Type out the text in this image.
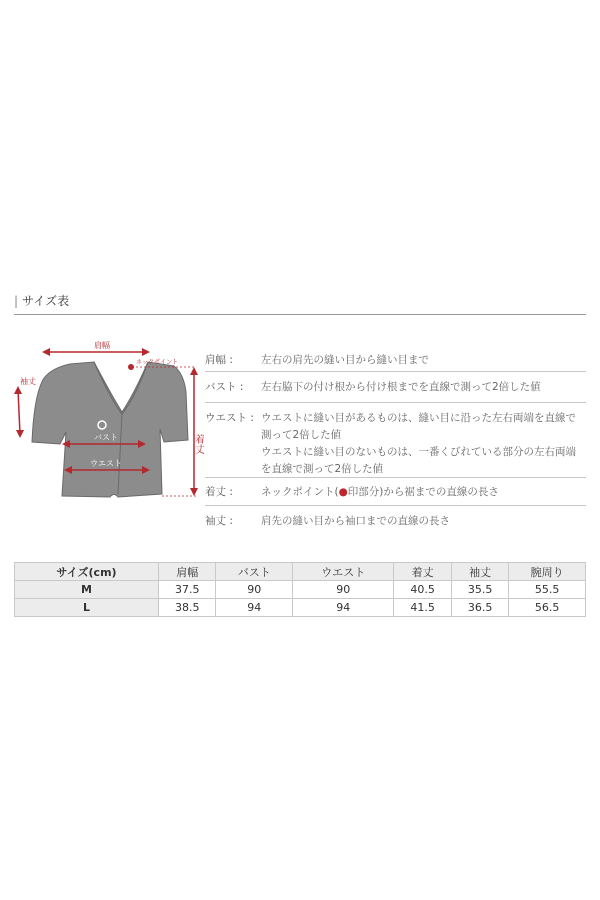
| サイズ表
肩幅
ネックポイント
袖丈
バスト
ウエスト
着丈
肩幅 :	左右の肩先の縫い目から縫い目まで
バスト :	左右脇下の付け根から付け根までを直線で測って2倍した値
ウエスト : ウエストに縫い目があるものは、縫い目に沿った左右両端を直線で
測って2倍した値
ウエストに縫い目のないものは、一番くびれている部分の左右両端
を直線で測って2倍した値
着丈 :	ネックポイント(●印部分)から裾までの直線の長さ
袖丈 :	肩先の縫い目から袖口までの直線の長さ
サイズ(cm)	肩幅	バスト	ウエスト	着丈	袖丈	腕周り
M	37.5	90	90	40.5	35.5	55.5
L	38.5	94	94	41.5	36.5	56.5
